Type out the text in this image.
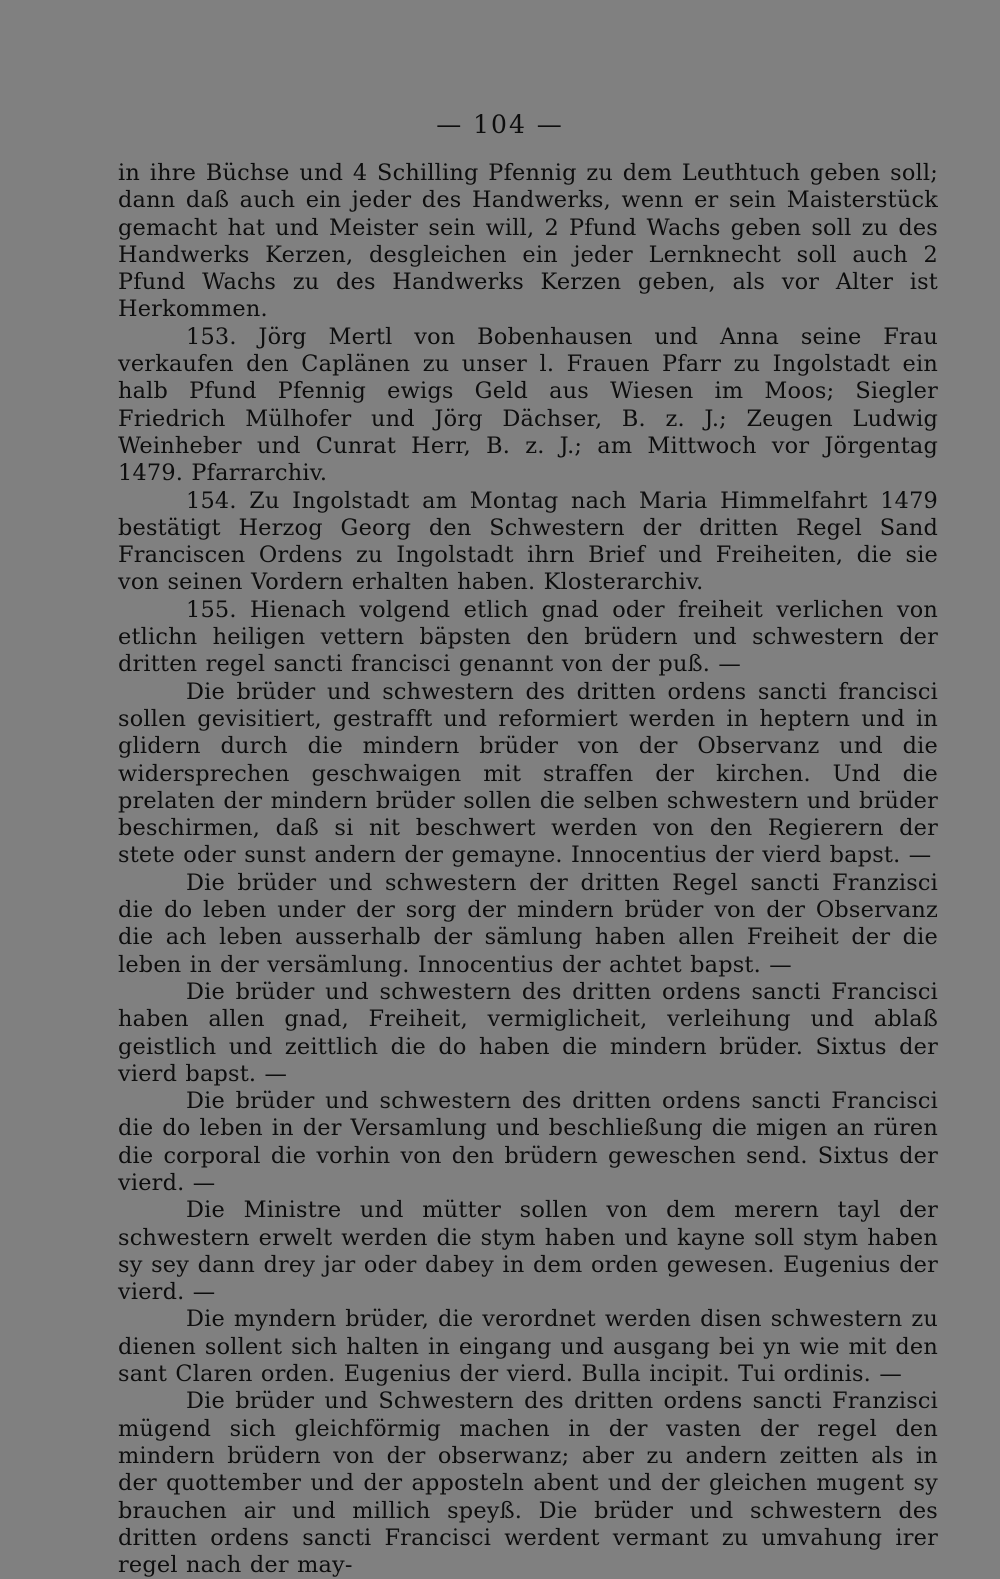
— 104 —

in ihre Büchse und 4 Schilling Pfennig zu dem Leuthtuch geben soll; dann daß auch ein jeder des Handwerks, wenn er sein Maisterstück gemacht hat und Meister sein will, 2 Pfund Wachs geben soll zu des Handwerks Kerzen, desgleichen ein jeder Lernknecht soll auch 2 Pfund Wachs zu des Handwerks Kerzen geben, als vor Alter ist Herkommen.

153. Jörg Mertl von Bobenhausen und Anna seine Frau verkaufen den Caplänen zu unser l. Frauen Pfarr zu Ingolstadt ein halb Pfund Pfennig ewigs Geld aus Wiesen im Moos; Siegler Friedrich Mülhofer und Jörg Dächser, B. z. J.; Zeugen Ludwig Weinheber und Cunrat Herr, B. z. J.; am Mittwoch vor Jörgentag 1479. Pfarrarchiv.

154. Zu Ingolstadt am Montag nach Maria Himmelfahrt 1479 bestätigt Herzog Georg den Schwestern der dritten Regel Sand Franciscen Ordens zu Ingolstadt ihrn Brief und Freiheiten, die sie von seinen Vordern erhalten haben. Klosterarchiv.

155. Hienach volgend etlich gnad oder freiheit verlichen von etlichn heiligen vettern bäpsten den brüdern und schwestern der dritten regel sancti francisci genannt von der puß. —

Die brüder und schwestern des dritten ordens sancti francisci sollen gevisitiert, gestrafft und reformiert werden in heptern und in glidern durch die mindern brüder von der Observanz und die widersprechen geschwaigen mit straffen der kirchen. Und die prelaten der mindern brüder sollen die selben schwestern und brüder beschirmen, daß si nit beschwert werden von den Regierern der stete oder sunst andern der gemayne. Innocentius der vierd bapst. —

Die brüder und schwestern der dritten Regel sancti Franzisci die do leben under der sorg der mindern brüder von der Observanz die ach leben ausserhalb der sämlung haben allen Freiheit der die leben in der versämlung. Innocentius der achtet bapst. —

Die brüder und schwestern des dritten ordens sancti Francisci haben allen gnad, Freiheit, vermiglicheit, verleihung und ablaß geistlich und zeittlich die do haben die mindern brüder. Sixtus der vierd bapst. —

Die brüder und schwestern des dritten ordens sancti Francisci die do leben in der Versamlung und beschließung die migen an rüren die corporal die vorhin von den brüdern geweschen send. Sixtus der vierd. —

Die Ministre und mütter sollen von dem merern tayl der schwestern erwelt werden die stym haben und kayne soll stym haben sy sey dann drey jar oder dabey in dem orden gewesen. Eugenius der vierd. —

Die myndern brüder, die verordnet werden disen schwestern zu dienen sollent sich halten in eingang und ausgang bei yn wie mit den sant Claren orden. Eugenius der vierd. Bulla incipit. Tui ordinis. —

Die brüder und Schwestern des dritten ordens sancti Franzisci mügend sich gleichförmig machen in der vasten der regel den mindern brüdern von der obserwanz; aber zu andern zeitten als in der quottember und der apposteln abent und der gleichen mugent sy brauchen air und millich speyß. Die brüder und schwestern des dritten ordens sancti Francisci werdent vermant zu umvahung irer regel nach der may-
